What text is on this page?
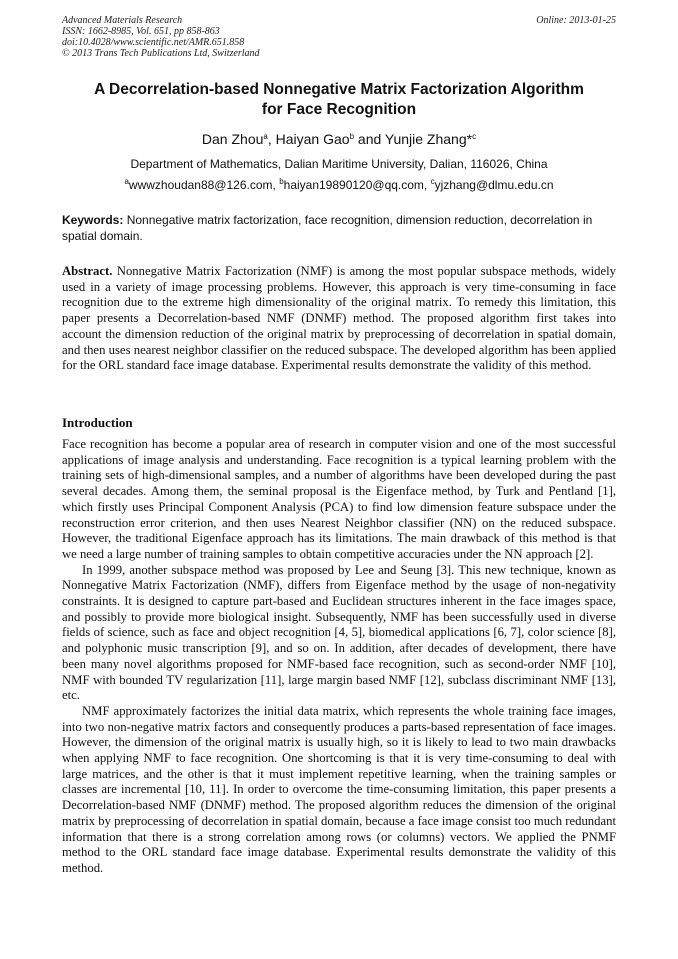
Advanced Materials Research
ISSN: 1662-8985, Vol. 651, pp 858-863
doi:10.4028/www.scientific.net/AMR.651.858
© 2013 Trans Tech Publications Ltd, Switzerland
Online: 2013-01-25
A Decorrelation-based Nonnegative Matrix Factorization Algorithm
for Face Recognition
Dan Zhou$^a$, Haiyan Gao$^b$ and Yunjie Zhang*$^c$
Department of Mathematics, Dalian Maritime University, Dalian, 116026, China
$^a$wwwzhoudan88@126.com, $^b$haiyan19890120@qq.com, $^c$yjzhang@dlmu.edu.cn
Keywords: Nonnegative matrix factorization, face recognition, dimension reduction, decorrelation in spatial domain.
Abstract. Nonnegative Matrix Factorization (NMF) is among the most popular subspace methods, widely used in a variety of image processing problems. However, this approach is very time-consuming in face recognition due to the extreme high dimensionality of the original matrix. To remedy this limitation, this paper presents a Decorrelation-based NMF (DNMF) method. The proposed algorithm first takes into account the dimension reduction of the original matrix by preprocessing of decorrelation in spatial domain, and then uses nearest neighbor classifier on the reduced subspace. The developed algorithm has been applied for the ORL standard face image database. Experimental results demonstrate the validity of this method.
Introduction

Face recognition has become a popular area of research in computer vision and one of the most successful applications of image analysis and understanding. Face recognition is a typical learning problem with the training sets of high-dimensional samples, and a number of algorithms have been developed during the past several decades. Among them, the seminal proposal is the Eigenface method, by Turk and Pentland [1], which firstly uses Principal Component Analysis (PCA) to find low dimension feature subspace under the reconstruction error criterion, and then uses Nearest Neighbor classifier (NN) on the reduced subspace. However, the traditional Eigenface approach has its limitations. The main drawback of this method is that we need a large number of training samples to obtain competitive accuracies under the NN approach [2].

In 1999, another subspace method was proposed by Lee and Seung [3]. This new technique, known as Nonnegative Matrix Factorization (NMF), differs from Eigenface method by the usage of non-negativity constraints. It is designed to capture part-based and Euclidean structures inherent in the face images space, and possibly to provide more biological insight. Subsequently, NMF has been successfully used in diverse fields of science, such as face and object recognition [4, 5], biomedical applications [6, 7], color science [8], and polyphonic music transcription [9], and so on. In addition, after decades of development, there have been many novel algorithms proposed for NMF-based face recognition, such as second-order NMF [10], NMF with bounded TV regularization [11], large margin based NMF [12], subclass discriminant NMF [13], etc.

NMF approximately factorizes the initial data matrix, which represents the whole training face images, into two non-negative matrix factors and consequently produces a parts-based representation of face images. However, the dimension of the original matrix is usually high, so it is likely to lead to two main drawbacks when applying NMF to face recognition. One shortcoming is that it is very time-consuming to deal with large matrices, and the other is that it must implement repetitive learning, when the training samples or classes are incremental [10, 11]. In order to overcome the time-consuming limitation, this paper presents a Decorrelation-based NMF (DNMF) method. The proposed algorithm reduces the dimension of the original matrix by preprocessing of decorrelation in spatial domain, because a face image consist too much redundant information that there is a strong correlation among rows (or columns) vectors. We applied the PNMF method to the ORL standard face image database. Experimental results demonstrate the validity of this method.
